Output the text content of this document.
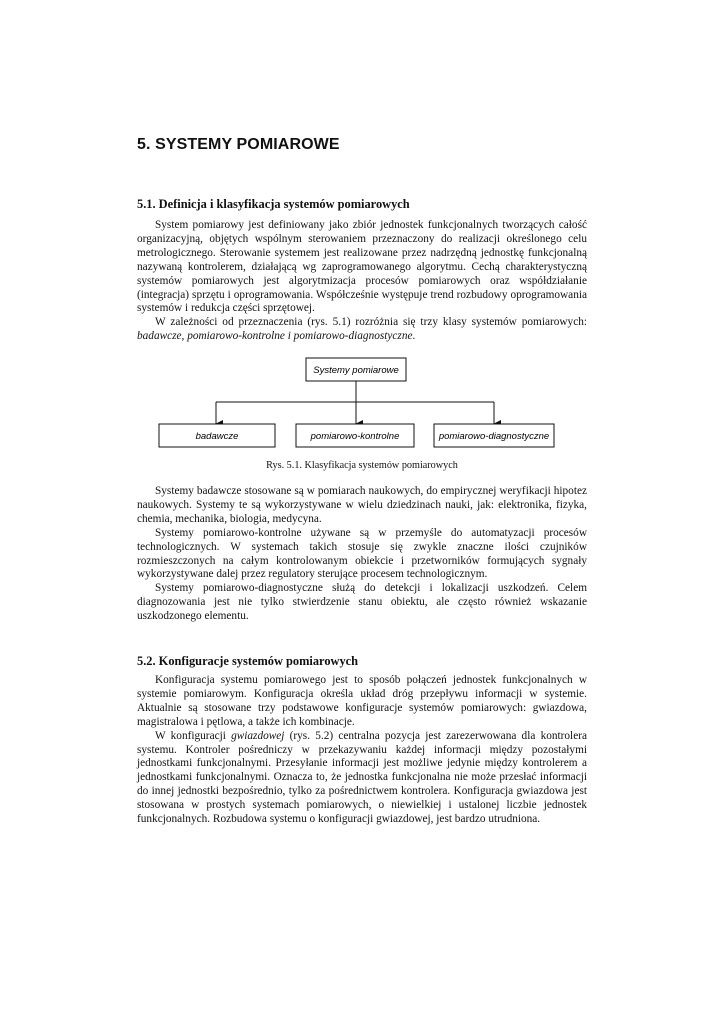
5. SYSTEMY POMIAROWE
5.1. Definicja i klasyfikacja systemów pomiarowych

System pomiarowy jest definiowany jako zbiór jednostek funkcjonalnych tworzących całość organizacyjną, objętych wspólnym sterowaniem przeznaczony do realizacji określonego celu metrologicznego. Sterowanie systemem jest realizowane przez nadrzędną jednostkę funkcjonalną nazywaną kontrolerem, działającą wg zaprogramowanego algorytmu. Cechą charakterystyczną systemów pomiarowych jest algorytmizacja procesów pomiarowych oraz współdziałanie (integracja) sprzętu i oprogramowania. Współcześnie występuje trend rozbudowy oprogramowania systemów i redukcja części sprzętowej.

W zależności od przeznaczenia (rys. 5.1) rozróżnia się trzy klasy systemów pomiarowych: badawcze, pomiarowo-kontrolne i pomiarowo-diagnostyczne.

Systemy pomiarowe
badawcze	pomiarowo-kontrolne	pomiarowo-diagnostyczne
Rys. 5.1. Klasyfikacja systemów pomiarowych

Systemy badawcze stosowane są w pomiarach naukowych, do empirycznej weryfikacji hipotez naukowych. Systemy te są wykorzystywane w wielu dziedzinach nauki, jak: elektronika, fizyka, chemia, mechanika, biologia, medycyna.

Systemy pomiarowo-kontrolne używane są w przemyśle do automatyzacji procesów technologicznych. W systemach takich stosuje się zwykle znaczne ilości czujników rozmieszczonych na całym kontrolowanym obiekcie i przetworników formujących sygnały wykorzystywane dalej przez regulatory sterujące procesem technologicznym.

Systemy pomiarowo-diagnostyczne służą do detekcji i lokalizacji uszkodzeń. Celem diagnozowania jest nie tylko stwierdzenie stanu obiektu, ale często również wskazanie uszkodzonego elementu.

5.2. Konfiguracje systemów pomiarowych

Konfiguracja systemu pomiarowego jest to sposób połączeń jednostek funkcjonalnych w systemie pomiarowym. Konfiguracja określa układ dróg przepływu informacji w systemie. Aktualnie są stosowane trzy podstawowe konfiguracje systemów pomiarowych: gwiazdowa, magistralowa i pętlowa, a także ich kombinacje.

W konfiguracji gwiazdowej (rys. 5.2) centralna pozycja jest zarezerwowana dla kontrolera systemu. Kontroler pośredniczy w przekazywaniu każdej informacji między pozostałymi jednostkami funkcjonalnymi. Przesyłanie informacji jest możliwe jedynie między kontrolerem a jednostkami funkcjonalnymi. Oznacza to, że jednostka funkcjonalna nie może przesłać informacji do innej jednostki bezpośrednio, tylko za pośrednictwem kontrolera. Konfiguracja gwiazdowa jest stosowana w prostych systemach pomiarowych, o niewielkiej i ustalonej liczbie jednostek funkcjonalnych. Rozbudowa systemu o konfiguracji gwiazdowej, jest bardzo utrudniona.
